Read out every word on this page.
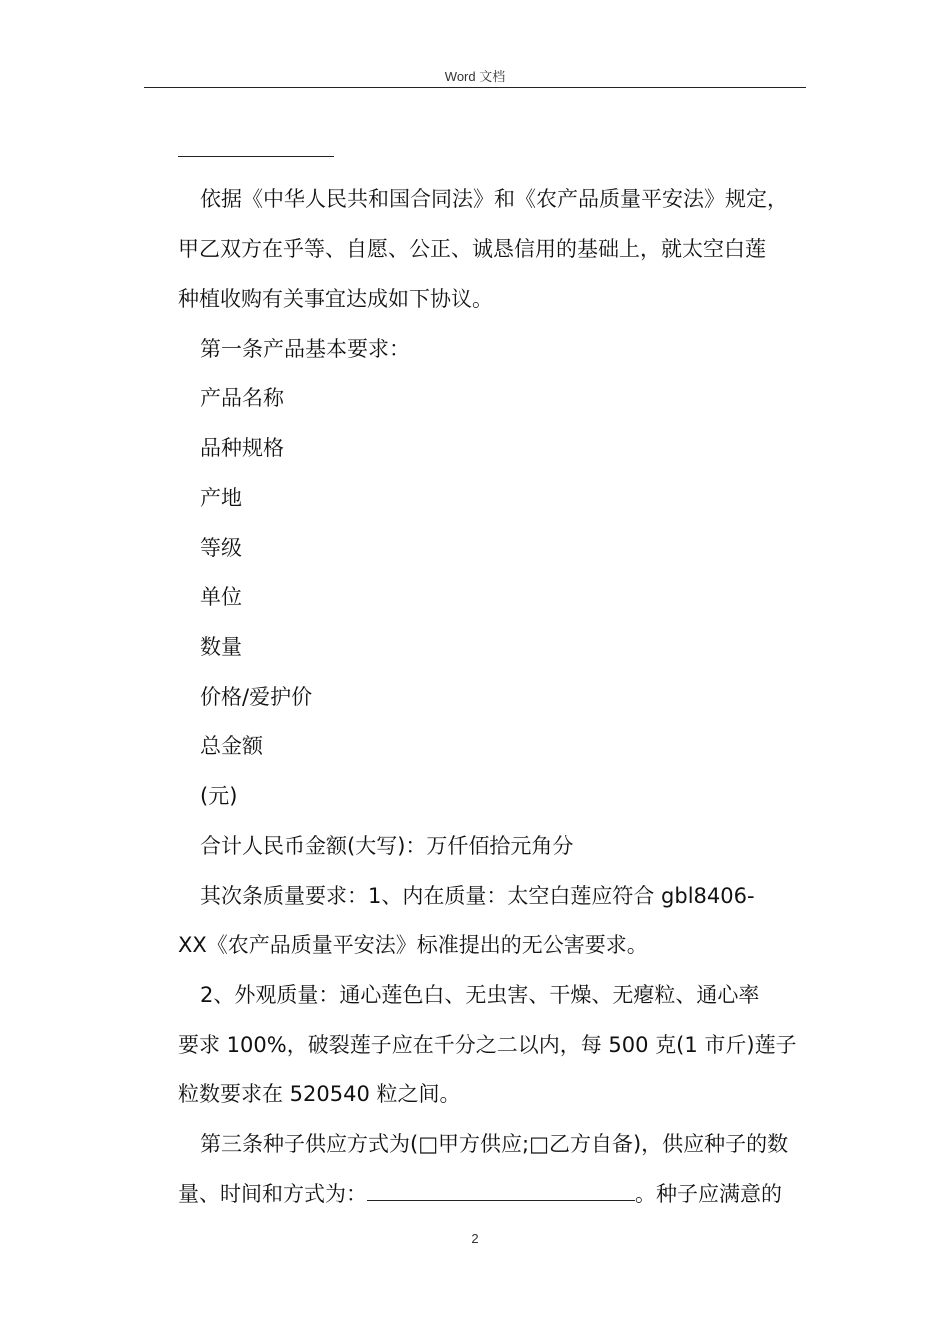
Word 文档
依据《中华人民共和国合同法》和《农产品质量平安法》规定，
甲乙双方在乎等、自愿、公正、诚恳信用的基础上，就太空白莲
种植收购有关事宜达成如下协议。
第一条产品基本要求：
产品名称
品种规格
产地
等级
单位
数量
价格/爱护价
总金额
(元)
合计人民币金额(大写)：万仟佰拾元角分
其次条质量要求：1、内在质量：太空白莲应符合 gbl8406-
XX《农产品质量平安法》标准提出的无公害要求。
2、外观质量：通心莲色白、无虫害、干燥、无瘪粒、通心率
要求 100%，破裂莲子应在千分之二以内，每 500 克(1 市斤)莲子
粒数要求在 520540 粒之间。
第三条种子供应方式为(□甲方供应;□乙方自备)，供应种子的数
量、时间和方式为：	。种子应满意的
2
